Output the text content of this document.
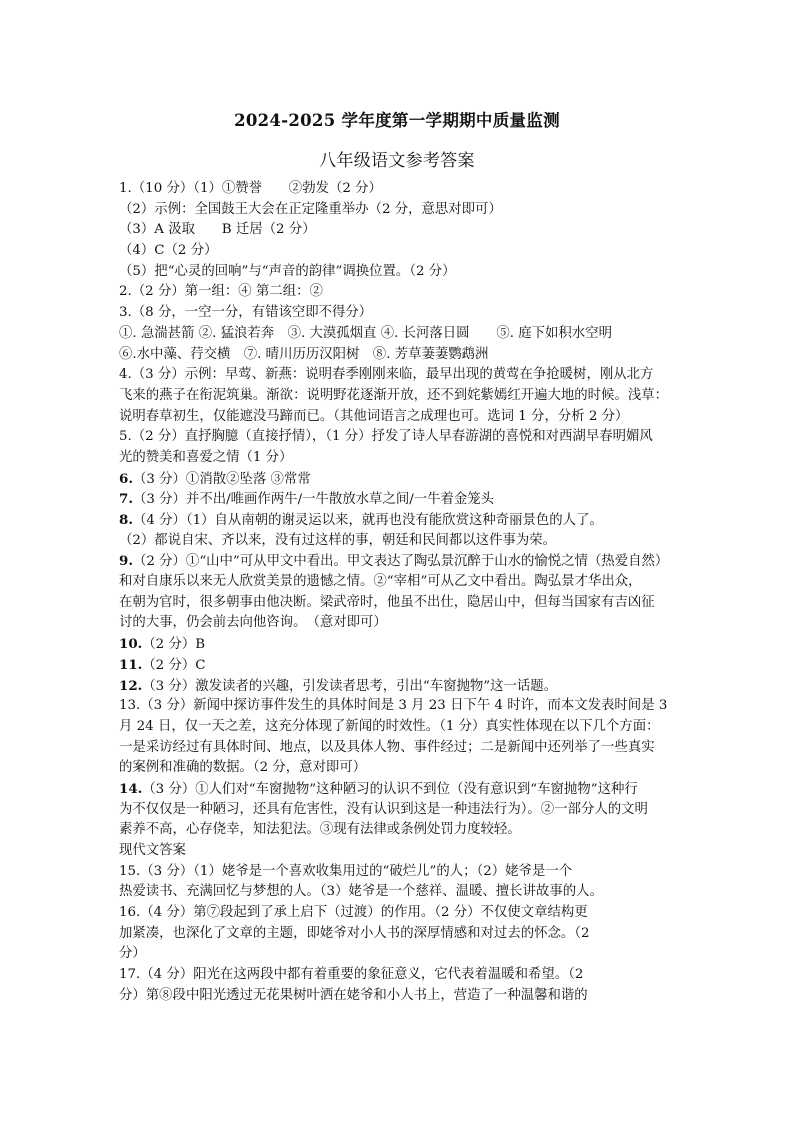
2024-2025 学年度第一学期期中质量监测
八年级语文参考答案
1.（10 分）（1）①赞誉　　②勃发（2 分）
（2）示例：全国鼓王大会在正定隆重举办（2 分，意思对即可）
（3）A 汲取　　B 迁居（2 分）
（4）C（2 分）
（5）把“心灵的回响”与“声音的韵律”调换位置。（2 分）
2.（2 分）第一组：④ 第二组：②
3.（8 分，一空一分，有错该空即不得分）
①. 急湍甚箭 ②. 猛浪若奔　③. 大漠孤烟直 ④. 长河落日圆　　⑤. 庭下如积水空明
⑥.水中藻、荇交横　⑦. 晴川历历汉阳树　⑧. 芳草萋萋鹦鹉洲
4.（3 分）示例：早莺、新燕：说明春季刚刚来临，最早出现的黄莺在争抢暖树，刚从北方
飞来的燕子在衔泥筑巢。渐欲：说明野花逐渐开放，还不到姹紫嫣红开遍大地的时候。浅草：
说明春草初生，仅能遮没马蹄而已。（其他词语言之成理也可。选词 1 分，分析 2 分）
5.（2 分）直抒胸臆（直接抒情），（1 分）抒发了诗人早春游湖的喜悦和对西湖早春明媚风
光的赞美和喜爱之情（1 分）
6.（3 分）①消散②坠落 ③常常
7.（3 分）并不出/唯画作两牛/一牛散放水草之间/一牛着金笼头
8.（4 分）（1）自从南朝的谢灵运以来，就再也没有能欣赏这种奇丽景色的人了。
（2）都说自宋、齐以来，没有过这样的事，朝廷和民间都以这件事为荣。
9.（2 分）①“山中”可从甲文中看出。甲文表达了陶弘景沉醉于山水的愉悦之情（热爱自然）
和对自康乐以来无人欣赏美景的遗憾之情。②“宰相”可从乙文中看出。陶弘景才华出众，
在朝为官时，很多朝事由他决断。梁武帝时，他虽不出仕，隐居山中，但每当国家有吉凶征
讨的大事，仍会前去向他咨询。　（意对即可）
10.（2 分）B
11.（2 分）C
12.（3 分）激发读者的兴趣，引发读者思考，引出“车窗抛物”这一话题。
13.（3 分）新闻中探访事件发生的具体时间是 3 月 23 日下午 4 时许，而本文发表时间是 3
月 24 日，仅一天之差，这充分体现了新闻的时效性。（1 分）真实性体现在以下几个方面：
一是采访经过有具体时间、地点，以及具体人物、事件经过；二是新闻中还列举了一些真实
的案例和准确的数据。（2 分，意对即可）
14.（3 分）①人们对“车窗抛物”这种陋习的认识不到位（没有意识到“车窗抛物”这种行
为不仅仅是一种陋习，还具有危害性，没有认识到这是一种违法行为）。②一部分人的文明
素养不高，心存侥幸，知法犯法。③现有法律或条例处罚力度较轻。
现代文答案
15.（3 分）（1）姥爷是一个喜欢收集用过的“破烂儿”的人；（2）姥爷是一个
热爱读书、充满回忆与梦想的人。（3）姥爷是一个慈祥、温暖、擅长讲故事的人。
16.（4 分）第⑦段起到了承上启下（过渡）的作用。（2 分）不仅使文章结构更
加紧凑，也深化了文章的主题，即姥爷对小人书的深厚情感和对过去的怀念。（2
分）
17.（4 分）阳光在这两段中都有着重要的象征意义，它代表着温暖和希望。（2
分）第⑧段中阳光透过无花果树叶洒在姥爷和小人书上，营造了一种温馨和谐的
